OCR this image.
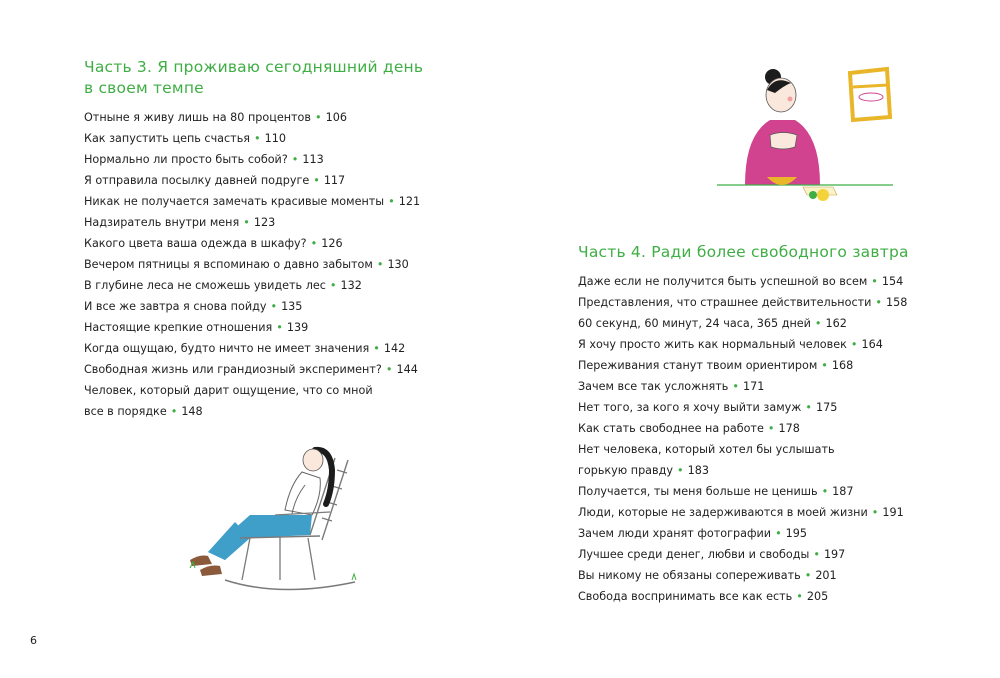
Часть 3. Я проживаю сегодняшний день
в своем темпе
Отныне я живу лишь на 80 процентов • 106
Как запустить цепь счастья • 110
Нормально ли просто быть собой? • 113
Я отправила посылку давней подруге • 117
Никак не получается замечать красивые моменты • 121
Надзиратель внутри меня • 123
Какого цвета ваша одежда в шкафу? • 126
Вечером пятницы я вспоминаю о давно забытом • 130
В глубине леса не сможешь увидеть лес • 132
И все же завтра я снова пойду • 135
Настоящие крепкие отношения • 139
Когда ощущаю, будто ничто не имеет значения • 142
Свободная жизнь или грандиозный эксперимент? • 144
Человек, который дарит ощущение, что со мной
все в порядке • 148
6
Часть 4. Ради более свободного завтра
Даже если не получится быть успешной во всем • 154
Представления, что страшнее действительности • 158
60 секунд, 60 минут, 24 часа, 365 дней • 162
Я хочу просто жить как нормальный человек • 164
Переживания станут твоим ориентиром • 168
Зачем все так усложнять • 171
Нет того, за кого я хочу выйти замуж • 175
Как стать свободнее на работе • 178
Нет человека, который хотел бы услышать
горькую правду • 183
Получается, ты меня больше не ценишь • 187
Люди, которые не задерживаются в моей жизни • 191
Зачем люди хранят фотографии • 195
Лучшее среди денег, любви и свободы • 197
Вы никому не обязаны сопереживать • 201
Свобода воспринимать все как есть • 205
